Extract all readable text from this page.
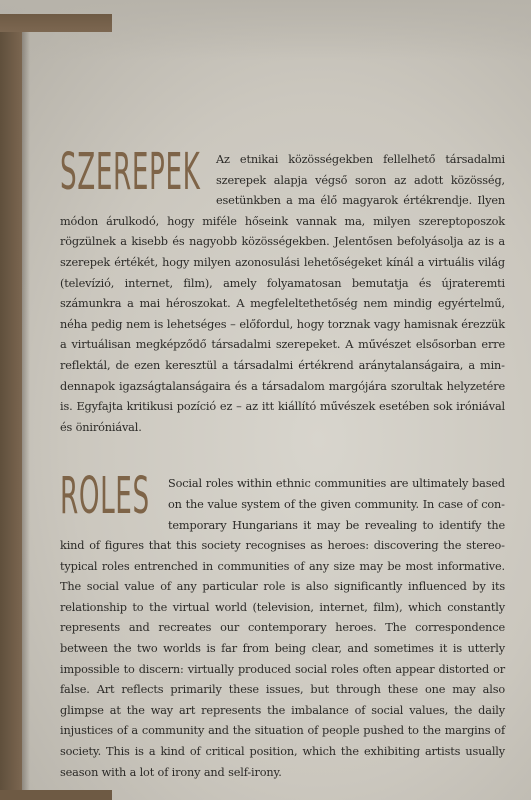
SZEREPEK	Az etnikai közösségekben fellelhető társadalmi szerepek alapja végső soron az adott közösség, esetünkben a ma élő magyarok értékrendje. Ilyen módon árulkodó, hogy miféle hőseink vannak ma, milyen szereptoposzok rögzülnek a kisebb és nagyobb közösségekben. Jelentősen befolyásolja az is a szerepek értékét, hogy milyen azonosulási lehetőségeket kínál a virtuális világ (televízió, internet, film), amely folyamatosan bemutatja és újrateremti számunkra a mai héroszokat. A megfeleltethetőség nem mindig egyértelmű, néha pedig nem is lehetséges – előfordul, hogy torznak vagy hamisnak érezzük a virtuálisan megképződő társadalmi szerepeket. A művészet elsősorban erre reflektál, de ezen keresztül a társadalmi értékrend aránytalanságaira, a mindennapok igazságtalanságaira és a társadalom margójára szorultak helyzetére is. Egyfajta kritikusi pozíció ez – az itt kiállító művészek esetében sok iróniával és öniróniával.

ROLES	Social roles within ethnic communities are ultimately based on the value system of the given community. In case of contemporary Hungarians it may be revealing to identify the kind of figures that this society recognises as heroes: discovering the stereotypical roles entrenched in communities of any size may be most informative. The social value of any particular role is also significantly influenced by its relationship to the virtual world (television, internet, film), which constantly represents and recreates our contemporary heroes. The correspondence between the two worlds is far from being clear, and sometimes it is utterly impossible to discern: virtually produced social roles often appear distorted or false. Art reflects primarily these issues, but through these one may also glimpse at the way art represents the imbalance of social values, the daily injustices of a community and the situation of people pushed to the margins of society. This is a kind of critical position, which the exhibiting artists usually season with a lot of irony and self-irony.
